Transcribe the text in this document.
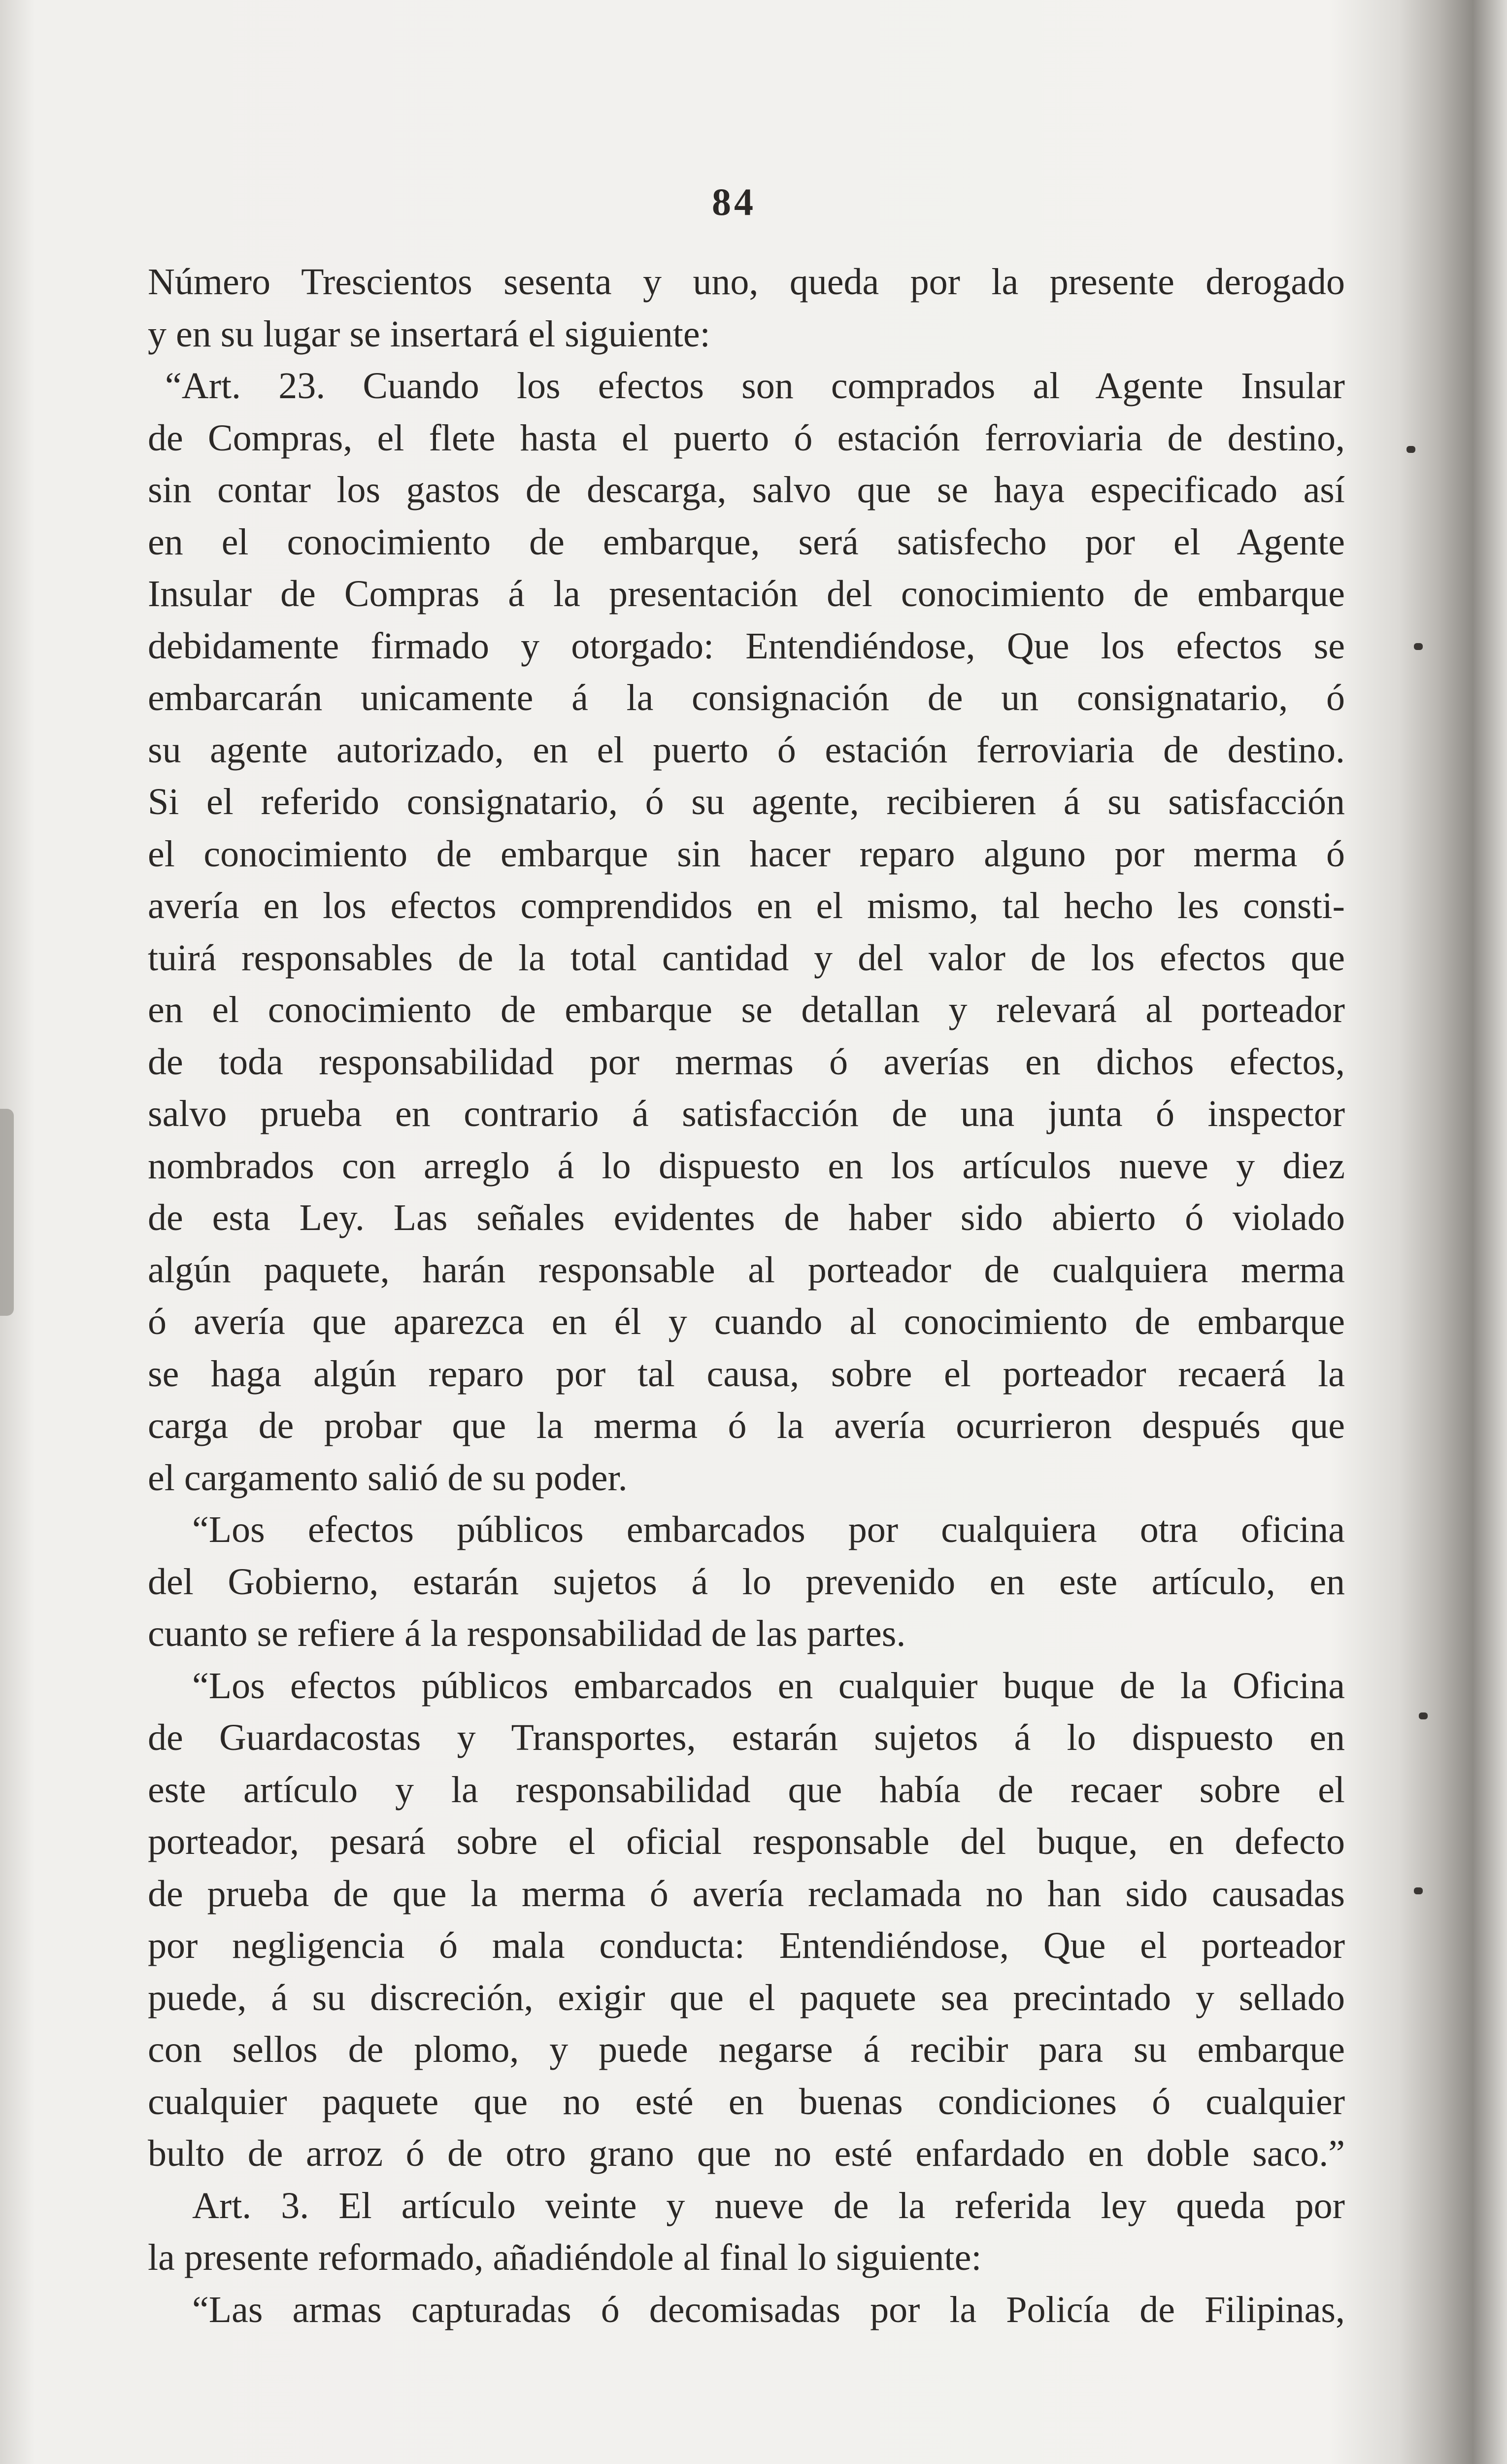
84
Número Trescientos sesenta y uno, queda por la presente derogado
y en su lugar se insertará el siguiente:
“Art. 23. Cuando los efectos son comprados al Agente Insular
de Compras, el flete hasta el puerto ó estación ferroviaria de destino,
sin contar los gastos de descarga, salvo que se haya especificado así
en el conocimiento de embarque, será satisfecho por el Agente
Insular de Compras á la presentación del conocimiento de embarque
debidamente firmado y otorgado: Entendiéndose, Que los efectos se
embarcarán unicamente á la consignación de un consignatario, ó
su agente autorizado, en el puerto ó estación ferroviaria de destino.
Si el referido consignatario, ó su agente, recibieren á su satisfacción
el conocimiento de embarque sin hacer reparo alguno por merma ó
avería en los efectos comprendidos en el mismo, tal hecho les consti-
tuirá responsables de la total cantidad y del valor de los efectos que
en el conocimiento de embarque se detallan y relevará al porteador
de toda responsabilidad por mermas ó averías en dichos efectos,
salvo prueba en contrario á satisfacción de una junta ó inspector
nombrados con arreglo á lo dispuesto en los artículos nueve y diez
de esta Ley. Las señales evidentes de haber sido abierto ó violado
algún paquete, harán responsable al porteador de cualquiera merma
ó avería que aparezca en él y cuando al conocimiento de embarque
se haga algún reparo por tal causa, sobre el porteador recaerá la
carga de probar que la merma ó la avería ocurrieron después que
el cargamento salió de su poder.
“Los efectos públicos embarcados por cualquiera otra oficina
del Gobierno, estarán sujetos á lo prevenido en este artículo, en
cuanto se refiere á la responsabilidad de las partes.
“Los efectos públicos embarcados en cualquier buque de la Oficina
de Guardacostas y Transportes, estarán sujetos á lo dispuesto en
este artículo y la responsabilidad que había de recaer sobre el
porteador, pesará sobre el oficial responsable del buque, en defecto
de prueba de que la merma ó avería reclamada no han sido causadas
por negligencia ó mala conducta: Entendiéndose, Que el porteador
puede, á su discreción, exigir que el paquete sea precintado y sellado
con sellos de plomo, y puede negarse á recibir para su embarque
cualquier paquete que no esté en buenas condiciones ó cualquier
bulto de arroz ó de otro grano que no esté enfardado en doble saco.”
Art. 3. El artículo veinte y nueve de la referida ley queda por
la presente reformado, añadiéndole al final lo siguiente:
“Las armas capturadas ó decomisadas por la Policía de Filipinas,
